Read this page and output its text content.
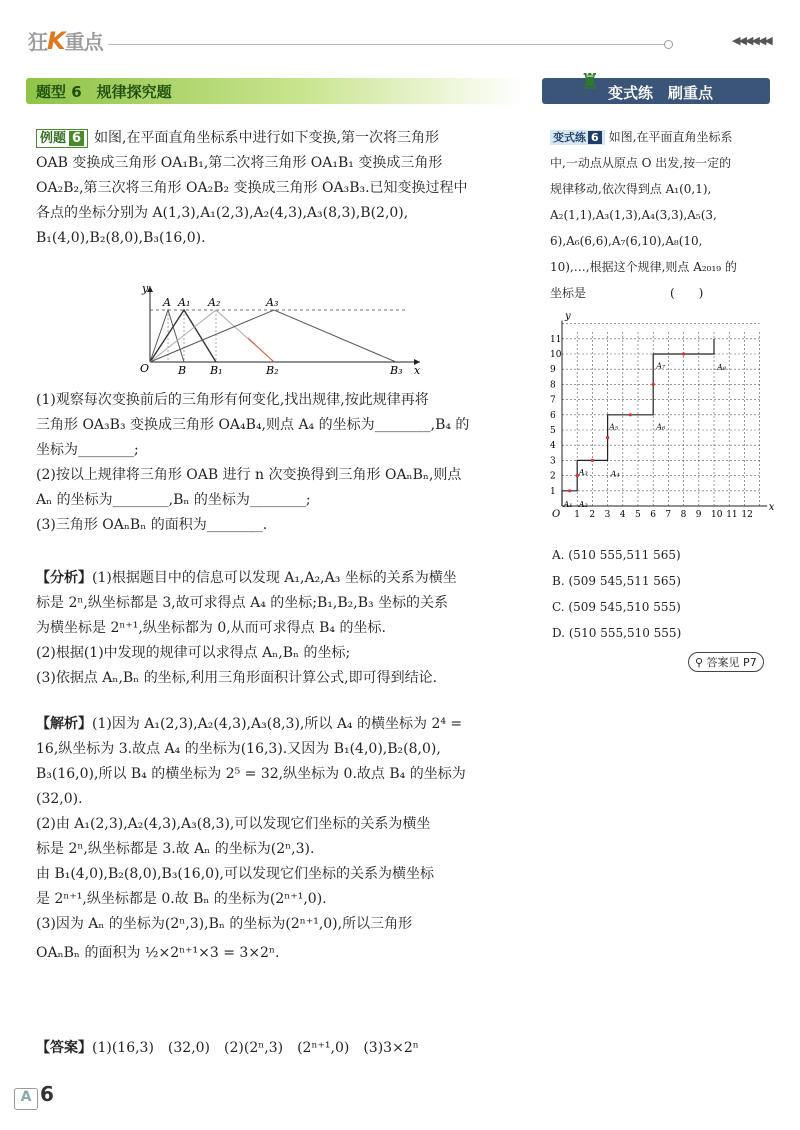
狂K重点	◀◀◀◀◀◀
题型 6　规律探究题	♜ 变式练　刷重点
例题 6 如图,在平面直角坐标系中进行如下变换,第一次将三角形
OAB 变换成三角形 OA₁B₁,第二次将三角形 OA₁B₁ 变换成三角形
OA₂B₂,第三次将三角形 OA₂B₂ 变换成三角形 OA₃B₃.已知变换过程中
各点的坐标分别为 A(1,3),A₁(2,3),A₂(4,3),A₃(8,3),B(2,0),
B₁(4,0),B₂(8,0),B₃(16,0).
y
x
O
A A₁ A₂	A₃
B B₁	B₂	B₃
(1)观察每次变换前后的三角形有何变化,找出规律,按此规律再将
三角形 OA₃B₃ 变换成三角形 OA₄B₄,则点 A₄ 的坐标为________,B₄ 的
坐标为________;
(2)按以上规律将三角形 OAB 进行 n 次变换得到三角形 OAₙBₙ,则点
Aₙ 的坐标为________,Bₙ 的坐标为________;
(3)三角形 OAₙBₙ 的面积为________.
【分析】(1)根据题目中的信息可以发现 A₁,A₂,A₃ 坐标的关系为横坐
标是 2ⁿ,纵坐标都是 3,故可求得点 A₄ 的坐标;B₁,B₂,B₃ 坐标的关系
为横坐标是 2ⁿ⁺¹,纵坐标都为 0,从而可求得点 B₄ 的坐标.
(2)根据(1)中发现的规律可以求得点 Aₙ,Bₙ 的坐标;
(3)依据点 Aₙ,Bₙ 的坐标,利用三角形面积计算公式,即可得到结论.
【解析】(1)因为 A₁(2,3),A₂(4,3),A₃(8,3),所以 A₄ 的横坐标为 2⁴ =
16,纵坐标为 3.故点 A₄ 的坐标为(16,3).又因为 B₁(4,0),B₂(8,0),
B₃(16,0),所以 B₄ 的横坐标为 2⁵ = 32,纵坐标为 0.故点 B₄ 的坐标为
(32,0).
(2)由 A₁(2,3),A₂(4,3),A₃(8,3),可以发现它们坐标的关系为横坐
标是 2ⁿ,纵坐标都是 3.故 Aₙ 的坐标为(2ⁿ,3).
由 B₁(4,0),B₂(8,0),B₃(16,0),可以发现它们坐标的关系为横坐标
是 2ⁿ⁺¹,纵坐标都是 0.故 Bₙ 的坐标为(2ⁿ⁺¹,0).
(3)因为 Aₙ 的坐标为(2ⁿ,3),Bₙ 的坐标为(2ⁿ⁺¹,0),所以三角形
OAₙBₙ 的面积为 ½×2ⁿ⁺¹×3 = 3×2ⁿ.
【答案】(1)(16,3)　(32,0)　(2)(2ⁿ,3)　(2ⁿ⁺¹,0)　(3)3×2ⁿ
变式练 6 如图,在平面直角坐标系
中,一动点从原点 O 出发,按一定的
规律移动,依次得到点 A₁(0,1),
A₂(1,1),A₃(1,3),A₄(3,3),A₅(3,
6),A₆(6,6),A₇(6,10),A₈(10,
10),…,根据这个规律,则点 A₂₀₁₉ 的
坐标是　　　　　　　(　　)
1 2 3 4 5 6 7 8 9 10 11 12
1
2
3
4
5
6
7
8
9
10
11
O
x
y
A₁ A₂
A₃	A₄
A₅	A₆
A₇	A₈
A. (510 555,511 565)
B. (509 545,511 565)
C. (509 545,510 555)
D. (510 555,510 555)
⚲ 答案见 P7
A 6
